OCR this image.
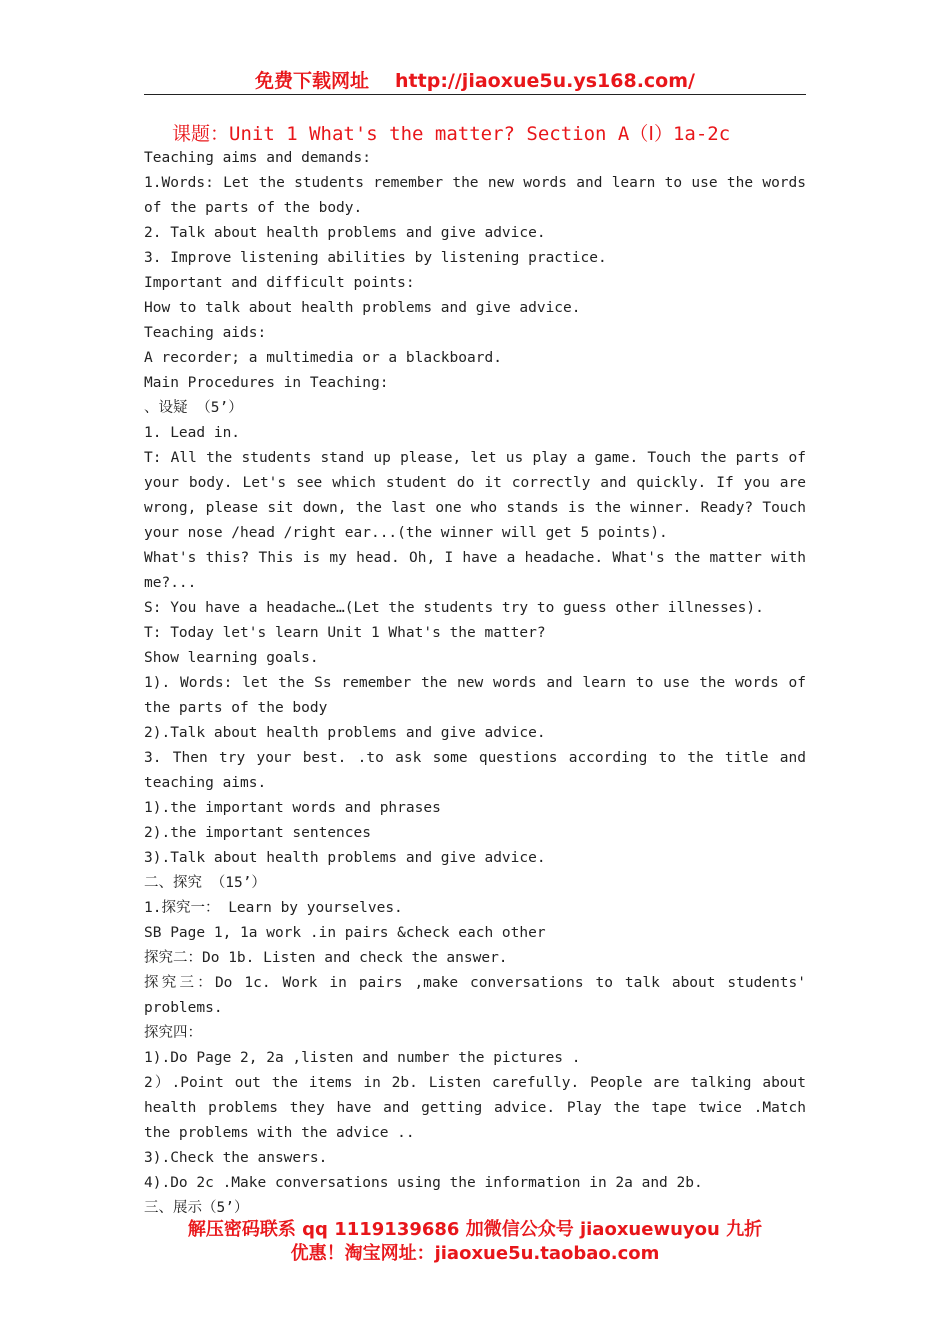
免费下载网址 http://jiaoxue5u.ys168.com/
课题：Unit 1 What's the matter? Section A（Ⅰ）1a-2c
Teaching aims and demands:
1.Words: Let the students remember the new words and learn to use the words of the parts of the body.
2. Talk about health problems and give advice.
3. Improve listening abilities by listening practice.
Important and difficult points:
How to talk about health problems and give advice.
Teaching aids:
A recorder; a multimedia or a blackboard.
Main Procedures in Teaching:
、设疑 （5’）
1. Lead in.
T: All the students stand up please, let us play a game. Touch the parts of your body. Let's see which student do it correctly and quickly. If you are wrong, please sit down, the last one who stands is the winner. Ready? Touch your nose /head /right ear...(the winner will get 5 points).
What's this? This is my head. Oh, I have a headache. What's the matter with me?...
S: You have a headache…(Let the students try to guess other illnesses).
T: Today let's learn Unit 1 What's the matter?
Show learning goals.
1). Words: let the Ss remember the new words and learn to use the words of the parts of the body
2).Talk about health problems and give advice.
3. Then try your best. .to ask some questions according to the title and teaching aims.
1).the important words and phrases
2).the important sentences
3).Talk about health problems and give advice.
二、探究 （15’）
1.探究一： Learn by yourselves.
SB Page 1, 1a work .in pairs &check each other
探究二：Do 1b. Listen and check the answer.
探究三：Do 1c. Work in pairs ,make conversations to talk about students' problems.
探究四：
1).Do Page 2, 2a ,listen and number the pictures .
2）.Point out the items in 2b. Listen carefully. People are talking about health problems they have and getting advice. Play the tape twice .Match the problems with the advice ..
3).Check the answers.
4).Do 2c .Make conversations using the information in 2a and 2b.
三、展示（5’）
解压密码联系 qq 1119139686 加微信公众号 jiaoxuewuyou 九折
优惠！淘宝网址：jiaoxue5u.taobao.com
